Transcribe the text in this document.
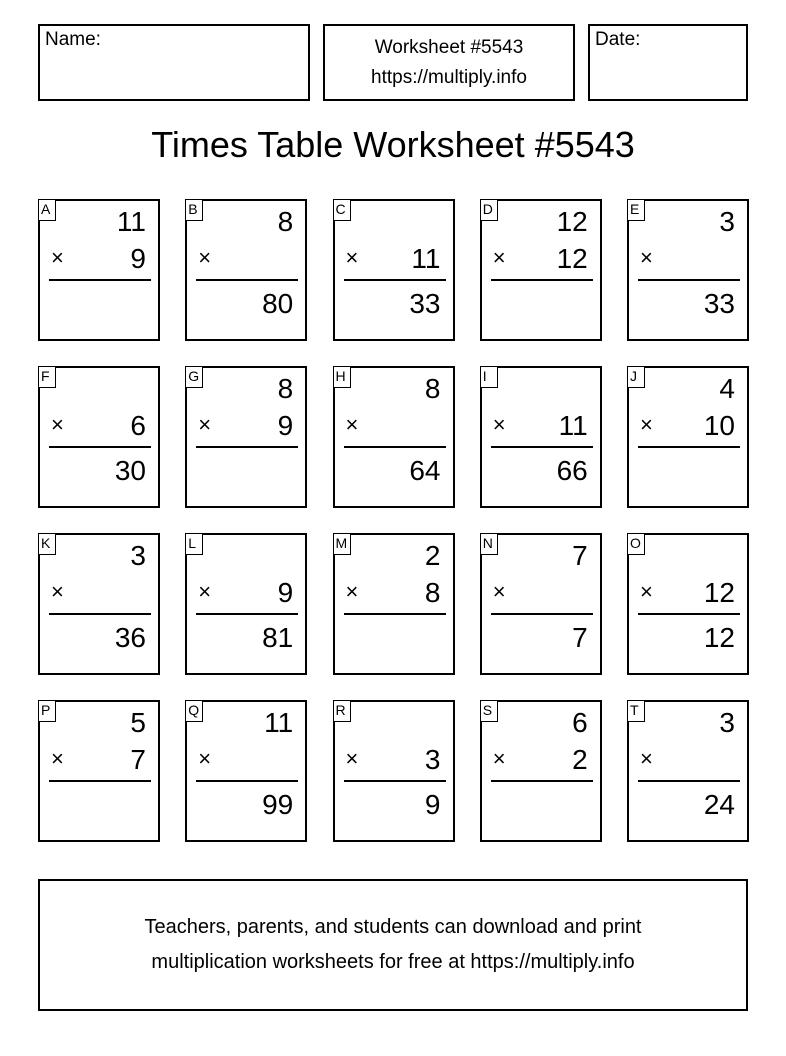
Name:	Worksheet #5543
https://multiply.info
Date:
Times Table Worksheet #5543
A 11
× 9
B	8
×
80
C
× 11
33
D 12
× 12
E	3
×
33
F
× 6
30
G	8
× 9
H	8
×
64
I
× 11
66
J	4
× 10
K	3
×
36
L
× 9
81
M	2
× 8
N	7
×
7
O
× 12
12
P	5
× 7
Q 11
×
99
R
× 3
9
S	6
× 2
T	3
×
24
Teachers, parents, and students can download and print
multiplication worksheets for free at https://multiply.info
